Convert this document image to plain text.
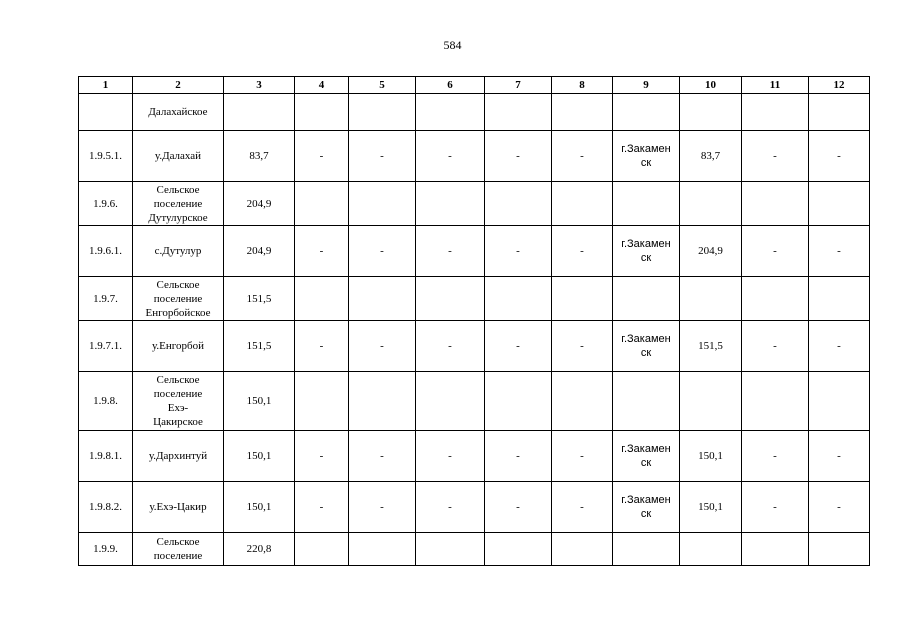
584
1	2	3	4	5	6	7	8	9	10	11	12
	Далахайское										
1.9.5.1.	у.Далахай	83,7	-	-	-	-	-	г.Закамен
ск	83,7	-	-
1.9.6.	Сельское
поселение
Дутулурское	204,9									
1.9.6.1.	с.Дутулур	204,9	-	-	-	-	-	г.Закамен
ск	204,9	-	-
1.9.7.	Сельское
поселение
Енгорбойское	151,5									
1.9.7.1.	у.Енгорбой	151,5	-	-	-	-	-	г.Закамен
ск	151,5	-	-
1.9.8.	Сельское
поселение
Ехэ-
Цакирское	150,1									
1.9.8.1.	у.Дархинтуй	150,1	-	-	-	-	-	г.Закамен
ск	150,1	-	-
1.9.8.2.	у.Ехэ-Цакир	150,1	-	-	-	-	-	г.Закамен
ск	150,1	-	-
1.9.9.	Сельское
поселение	220,8									
